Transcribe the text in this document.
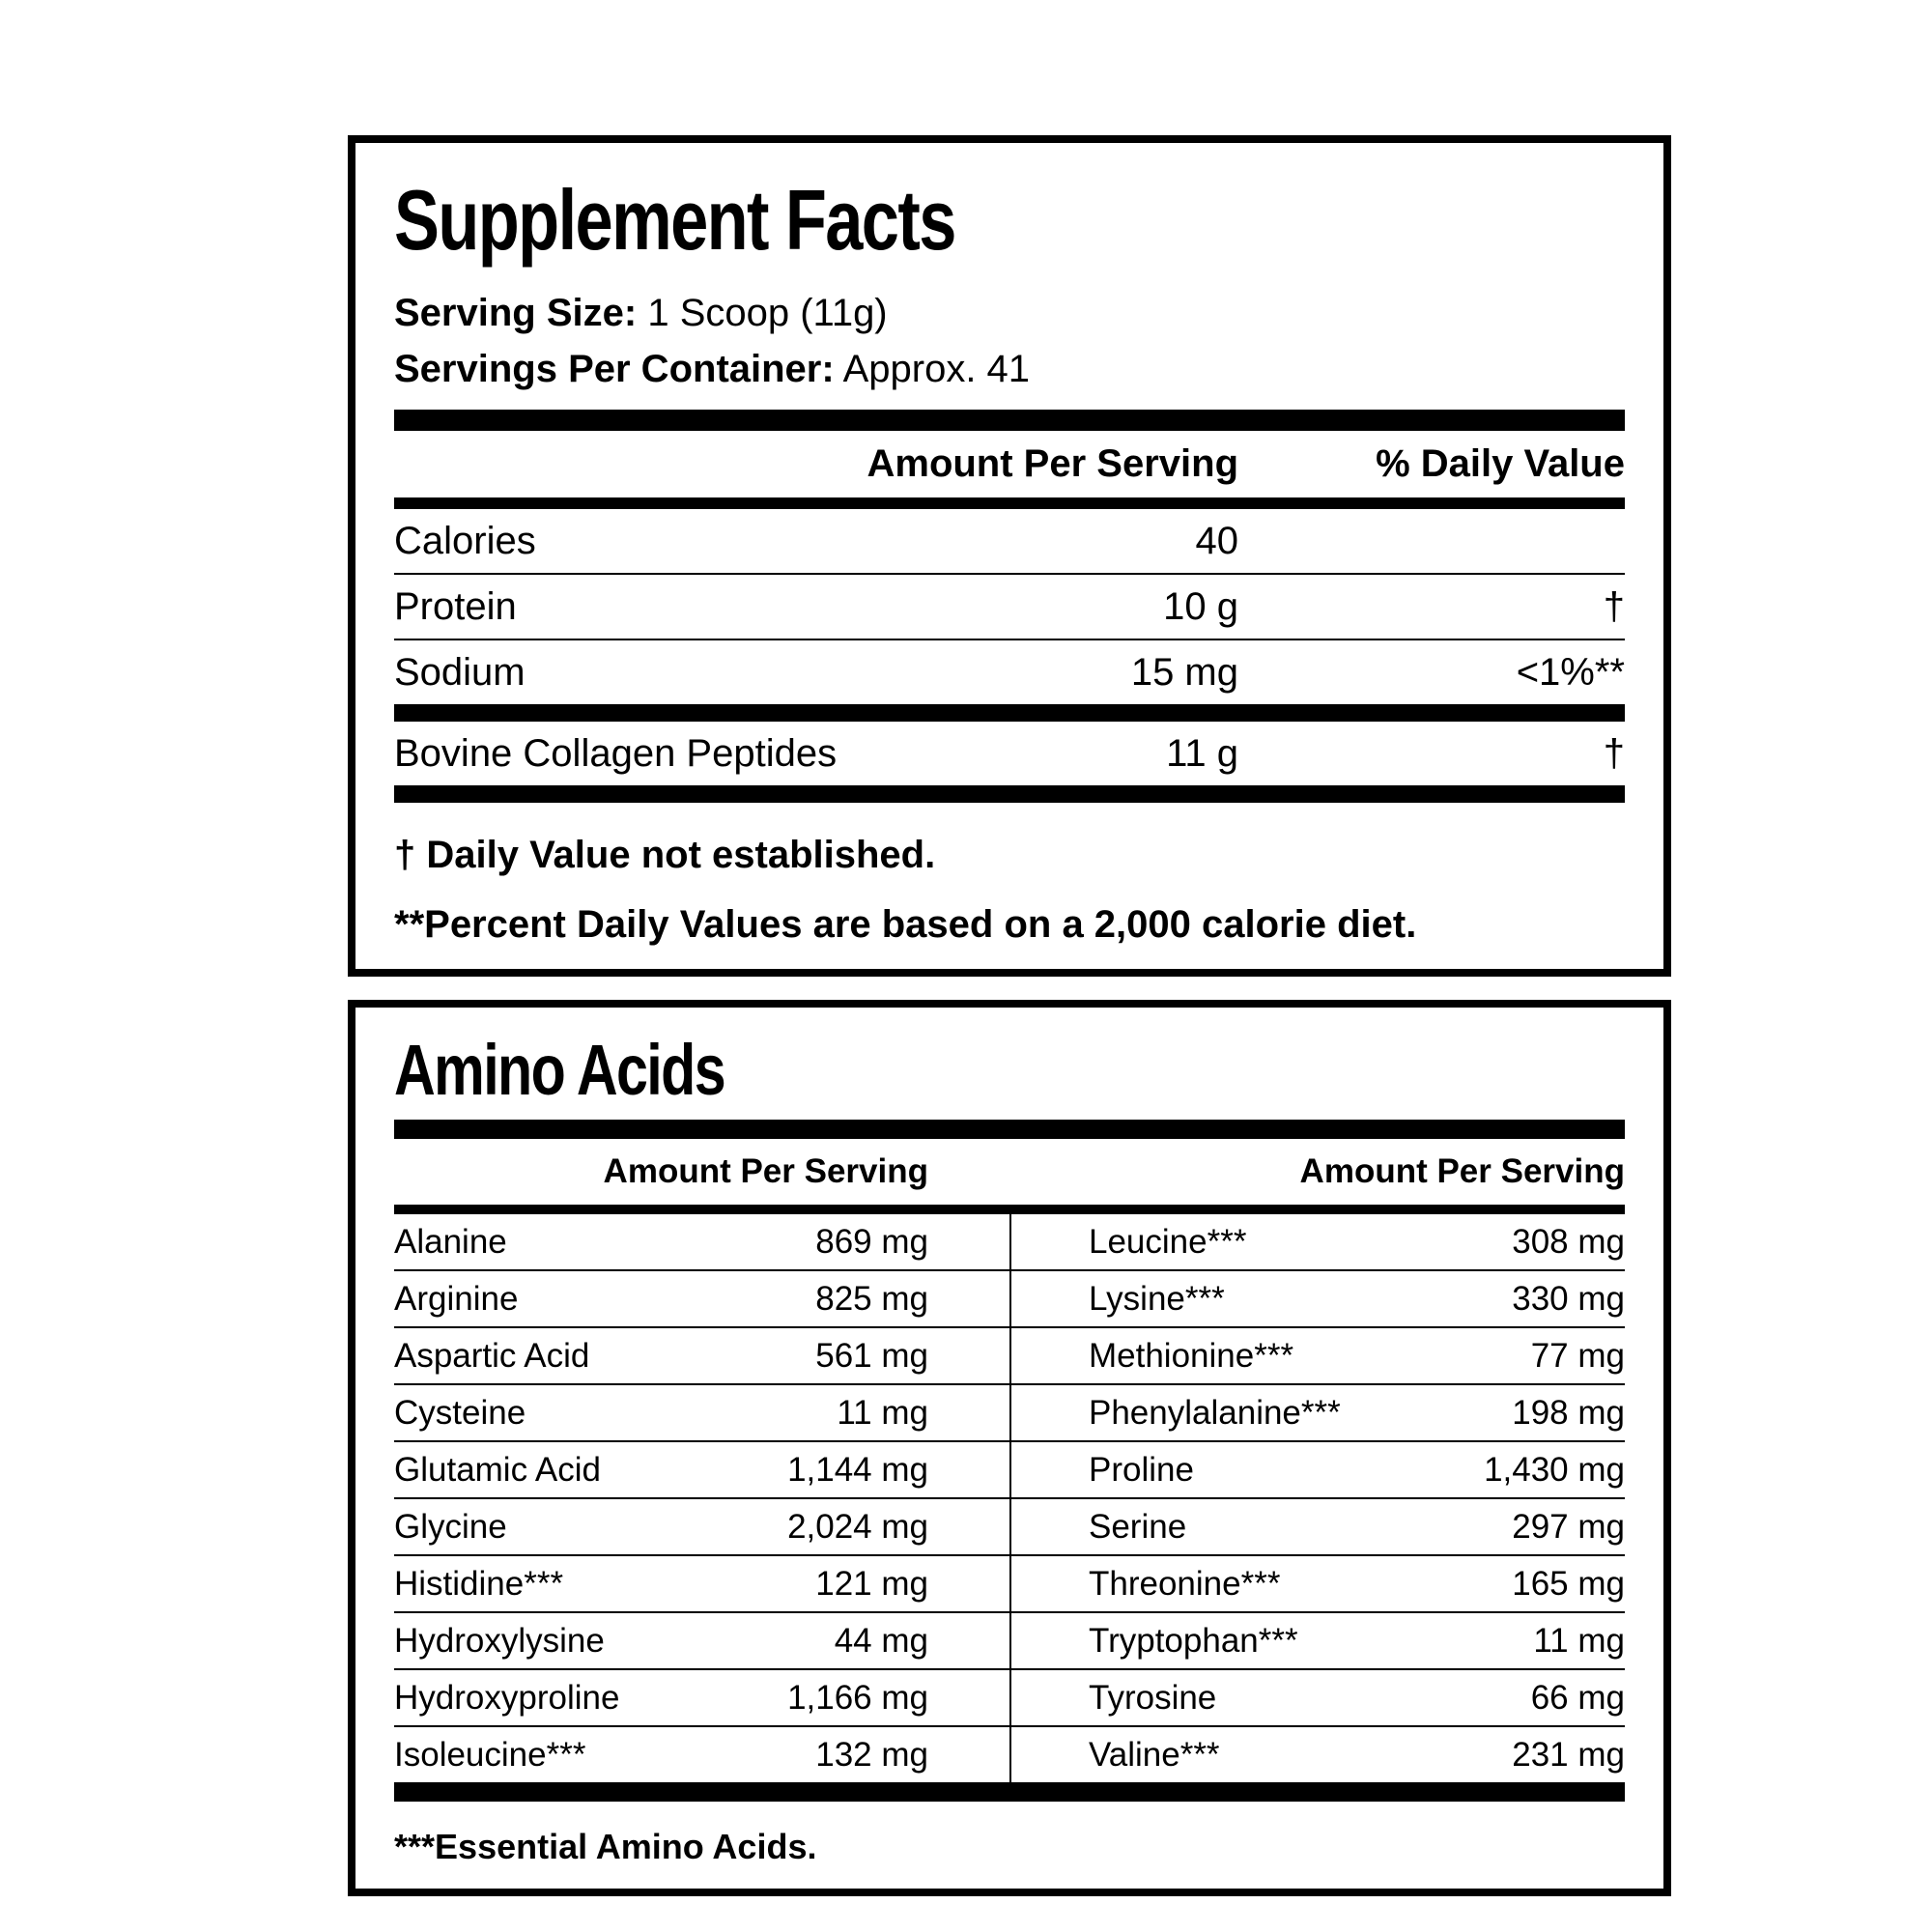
Supplement Facts
Serving Size: 1 Scoop (11g)
Servings Per Container: Approx. 41
Amount Per Serving	% Daily Value
Calories	40
Protein	10 g	†
Sodium	15 mg	<1%**
Bovine Collagen Peptides	11 g	†
† Daily Value not established.
**Percent Daily Values are based on a 2,000 calorie diet.
Amino Acids
Amount Per Serving	Amount Per Serving
Alanine	869 mg	Leucine***	308 mg
Arginine	825 mg	Lysine***	330 mg
Aspartic Acid	561 mg	Methionine***	77 mg
Cysteine	11 mg	Phenylalanine***	198 mg
Glutamic Acid	1,144 mg	Proline	1,430 mg
Glycine	2,024 mg	Serine	297 mg
Histidine***	121 mg	Threonine***	165 mg
Hydroxylysine	44 mg	Tryptophan***	11 mg
Hydroxyproline	1,166 mg	Tyrosine	66 mg
Isoleucine***	132 mg	Valine***	231 mg
***Essential Amino Acids.
